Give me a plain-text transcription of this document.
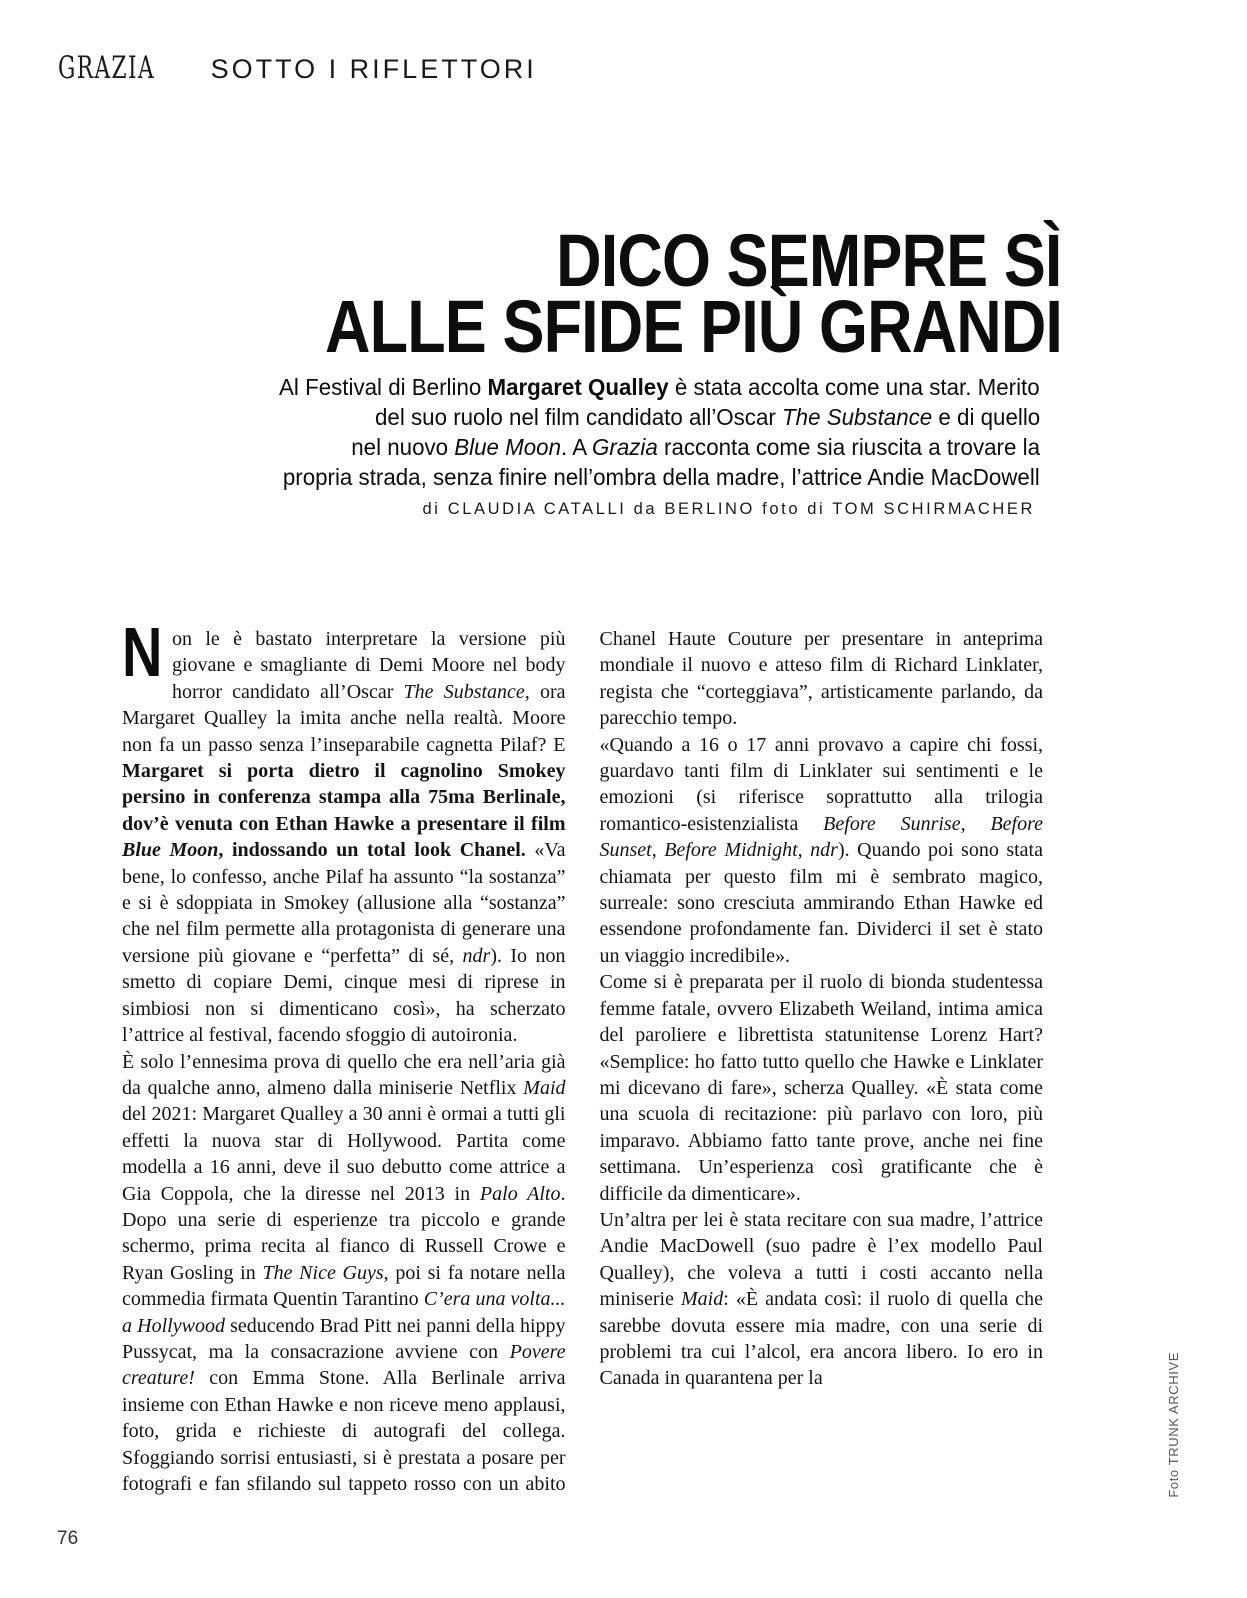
GRAZIA SOTTO I RIFLETTORI
DICO SEMPRE SÌ
ALLE SFIDE PIÙ GRANDI
Al Festival di Berlino Margaret Qualley è stata accolta come una star. Merito
del suo ruolo nel film candidato all’Oscar The Substance e di quello
nel nuovo Blue Moon. A Grazia racconta come sia riuscita a trovare la
propria strada, senza finire nell’ombra della madre, l’attrice Andie MacDowell
di CLAUDIA CATALLI da BERLINO foto di TOM SCHIRMACHER

Non le è bastato interpretare la versione più giovane e smagliante di Demi Moore nel body horror candidato all’Oscar The Substance, ora Margaret Qualley la imita anche nella realtà. Moore non fa un passo senza l’inseparabile cagnetta Pilaf? E Margaret si porta dietro il cagnolino Smokey persino in conferenza stampa alla 75ma Berlinale, dov’è venuta con Ethan Hawke a presentare il film Blue Moon, indossando un total look Chanel. «Va bene, lo confesso, anche Pilaf ha assunto “la sostanza” e si è sdoppiata in Smokey (allusione alla “sostanza” che nel film permette alla protagonista di generare una versione più giovane e “perfetta” di sé, ndr). Io non smetto di copiare Demi, cinque mesi di riprese in simbiosi non si dimenticano così», ha scherzato l’attrice al festival, facendo sfoggio di autoironia.

È solo l’ennesima prova di quello che era nell’aria già da qualche anno, almeno dalla miniserie Netflix Maid del 2021: Margaret Qualley a 30 anni è ormai a tutti gli effetti la nuova star di Hollywood. Partita come modella a 16 anni, deve il suo debutto come attrice a Gia Coppola, che la diresse nel 2013 in Palo Alto. Dopo una serie di esperienze tra piccolo e grande schermo, prima recita al fianco di Russell Crowe e Ryan Gosling in The Nice Guys, poi si fa notare nella commedia firmata Quentin Tarantino C’era una volta... a Hollywood seducendo Brad Pitt nei panni della hippy Pussycat, ma la consacrazione avviene con Povere creature! con Emma Stone. Alla Berlinale arriva insieme con Ethan Hawke e non riceve meno applausi, foto, grida e richieste di autografi del collega. Sfoggiando sorrisi entusiasti, si è prestata a posare per fotografi e fan sfilando sul tappeto rosso con un abito Chanel Haute Couture per presentare in anteprima mondiale il nuovo e atteso film di Richard Linklater, regista che “corteggiava”, artisticamente parlando, da parecchio tempo.

«Quando a 16 o 17 anni provavo a capire chi fossi, guardavo tanti film di Linklater sui sentimenti e le emozioni (si riferisce soprattutto alla trilogia romantico-esistenzialista Before Sunrise, Before Sunset, Before Midnight, ndr). Quando poi sono stata chiamata per questo film mi è sembrato magico, surreale: sono cresciuta ammirando Ethan Hawke ed essendone profondamente fan. Dividerci il set è stato un viaggio incredibile».

Come si è preparata per il ruolo di bionda studentessa femme fatale, ovvero Elizabeth Weiland, intima amica del paroliere e librettista statunitense Lorenz Hart? «Semplice: ho fatto tutto quello che Hawke e Linklater mi dicevano di fare», scherza Qualley. «È stata come una scuola di recitazione: più parlavo con loro, più imparavo. Abbiamo fatto tante prove, anche nei fine settimana. Un’esperienza così gratificante che è difficile da dimenticare».

Un’altra per lei è stata recitare con sua madre, l’attrice Andie MacDowell (suo padre è l’ex modello Paul Qualley), che voleva a tutti i costi accanto nella miniserie Maid: «È andata così: il ruolo di quella che sarebbe dovuta essere mia madre, con una serie di problemi tra cui l’alcol, era ancora libero. Io ero in Canada in quarantena per la	Foto TRUNK ARCHIVE
76
